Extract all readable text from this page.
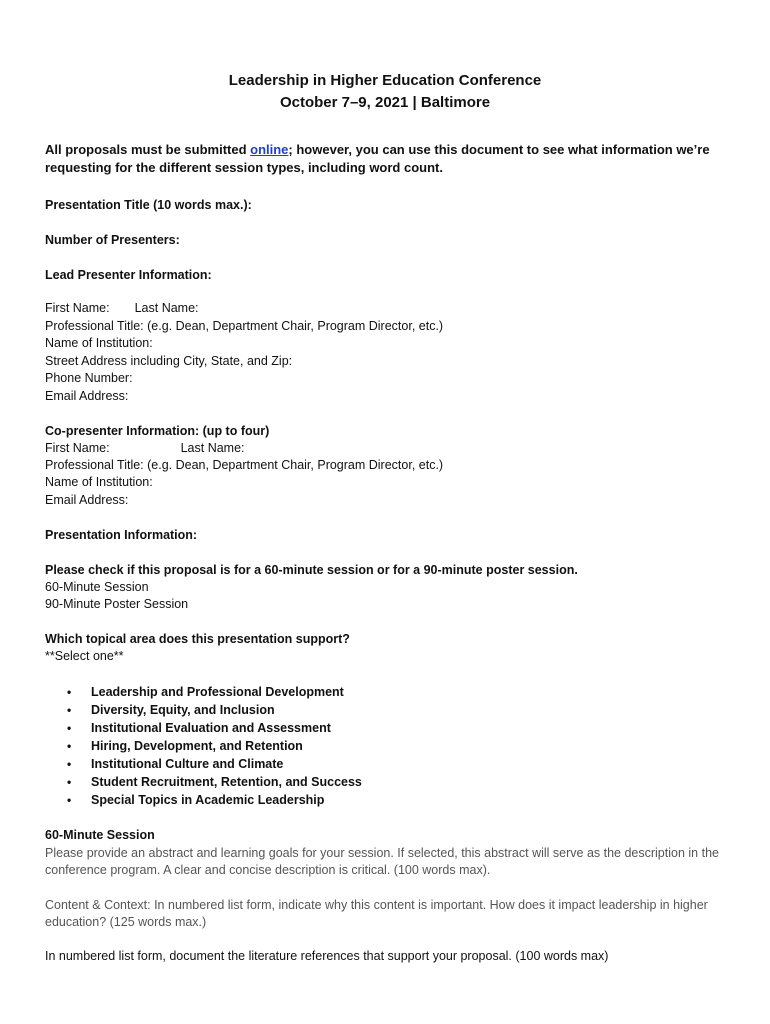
Leadership in Higher Education Conference
October 7–9, 2021 | Baltimore
All proposals must be submitted online; however, you can use this document to see what information we’re requesting for the different session types, including word count.
Presentation Title (10 words max.):
Number of Presenters:
Lead Presenter Information:
First Name: Last Name:
Professional Title: (e.g. Dean, Department Chair, Program Director, etc.)
Name of Institution:
Street Address including City, State, and Zip:
Phone Number:
Email Address:
Co-presenter Information: (up to four)
First Name:	Last Name:
Professional Title: (e.g. Dean, Department Chair, Program Director, etc.)
Name of Institution:
Email Address:
Presentation Information:
Please check if this proposal is for a 60-minute session or for a 90-minute poster session.
60-Minute Session
90-Minute Poster Session
Which topical area does this presentation support?
**Select one**
• Leadership and Professional Development
• Diversity, Equity, and Inclusion
• Institutional Evaluation and Assessment
• Hiring, Development, and Retention
• Institutional Culture and Climate
• Student Recruitment, Retention, and Success
• Special Topics in Academic Leadership
60-Minute Session
Please provide an abstract and learning goals for your session. If selected, this abstract will serve as the description in the conference program. A clear and concise description is critical. (100 words max).
Content & Context: In numbered list form, indicate why this content is important. How does it impact leadership in higher education? (125 words max.)
In numbered list form, document the literature references that support your proposal. (100 words max)
